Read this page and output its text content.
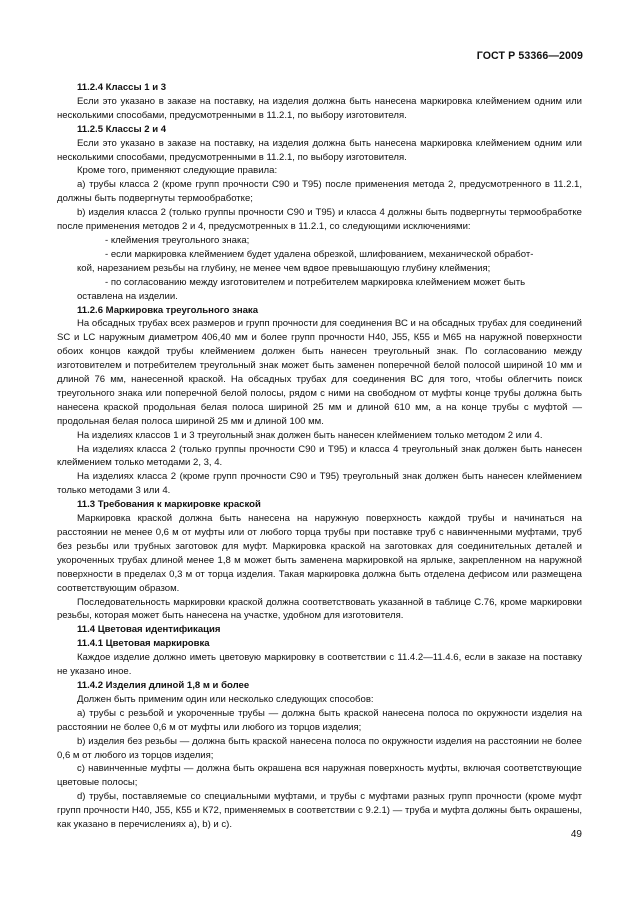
ГОСТ Р 53366—2009
11.2.4 Классы 1 и 3
Если это указано в заказе на поставку, на изделия должна быть нанесена маркировка клеймением одним или несколькими способами, предусмотренными в 11.2.1, по выбору изготовителя.
11.2.5 Классы 2 и 4
Если это указано в заказе на поставку, на изделия должна быть нанесена маркировка клеймением одним или несколькими способами, предусмотренными в 11.2.1, по выбору изготовителя.
Кроме того, применяют следующие правила:
a) трубы класса 2 (кроме групп прочности С90 и Т95) после применения метода 2, предусмотренного в 11.2.1, должны быть подвергнуты термообработке;
b) изделия класса 2 (только группы прочности С90 и Т95) и класса 4 должны быть подвергнуты термообработке после применения методов 2 и 4, предусмотренных в 11.2.1, со следующими исключениями:
- клеймения треугольного знака;
- если маркировка клеймением будет удалена обрезкой, шлифованием, механической обработ-
кой, нарезанием резьбы на глубину, не менее чем вдвое превышающую глубину клеймения;
- по согласованию между изготовителем и потребителем маркировка клеймением может быть
оставлена на изделии.
11.2.6 Маркировка треугольного знака
На обсадных трубах всех размеров и групп прочности для соединения ВС и на обсадных трубах для соединений SC и LC наружным диаметром 406,40 мм и более групп прочности Н40, J55, К55 и М65 на наружной поверхности обоих концов каждой трубы клеймением должен быть нанесен треугольный знак. По согласованию между изготовителем и потребителем треугольный знак может быть заменен поперечной белой полосой шириной 10 мм и длиной 76 мм, нанесенной краской. На обсадных трубах для соединения ВС для того, чтобы облегчить поиск треугольного знака или поперечной белой полосы, рядом с ними на свободном от муфты конце трубы должна быть нанесена краской продольная белая полоса шириной 25 мм и длиной 610 мм, а на конце трубы с муфтой — продольная белая полоса шириной 25 мм и длиной 100 мм.
На изделиях классов 1 и 3 треугольный знак должен быть нанесен клеймением только методом 2 или 4.
На изделиях класса 2 (только группы прочности С90 и Т95) и класса 4 треугольный знак должен быть нанесен клеймением только методами 2, 3, 4.
На изделиях класса 2 (кроме групп прочности С90 и Т95) треугольный знак должен быть нанесен клеймением только методами 3 или 4.
11.3 Требования к маркировке краской
Маркировка краской должна быть нанесена на наружную поверхность каждой трубы и начинаться на расстоянии не менее 0,6 м от муфты или от любого торца трубы при поставке труб с навинченными муфтами, труб без резьбы или трубных заготовок для муфт. Маркировка краской на заготовках для соединительных деталей и укороченных трубах длиной менее 1,8 м может быть заменена маркировкой на ярлыке, закрепленном на наружной поверхности в пределах 0,3 м от торца изделия. Такая маркировка должна быть отделена дефисом или размещена соответствующим образом.
Последовательность маркировки краской должна соответствовать указанной в таблице С.76, кроме маркировки резьбы, которая может быть нанесена на участке, удобном для изготовителя.
11.4 Цветовая идентификация
11.4.1 Цветовая маркировка
Каждое изделие должно иметь цветовую маркировку в соответствии с 11.4.2—11.4.6, если в заказе на поставку не указано иное.
11.4.2 Изделия длиной 1,8 м и более
Должен быть применим один или несколько следующих способов:
a) трубы с резьбой и укороченные трубы — должна быть краской нанесена полоса по окружности изделия на расстоянии не более 0,6 м от муфты или любого из торцов изделия;
b) изделия без резьбы — должна быть краской нанесена полоса по окружности изделия на расстоянии не более 0,6 м от любого из торцов изделия;
c) навинченные муфты — должна быть окрашена вся наружная поверхность муфты, включая соответствующие цветовые полосы;
d) трубы, поставляемые со специальными муфтами, и трубы с муфтами разных групп прочности (кроме муфт групп прочности Н40, J55, К55 и К72, применяемых в соответствии с 9.2.1) — труба и муфта должны быть окрашены, как указано в перечислениях а), b) и с).
49
